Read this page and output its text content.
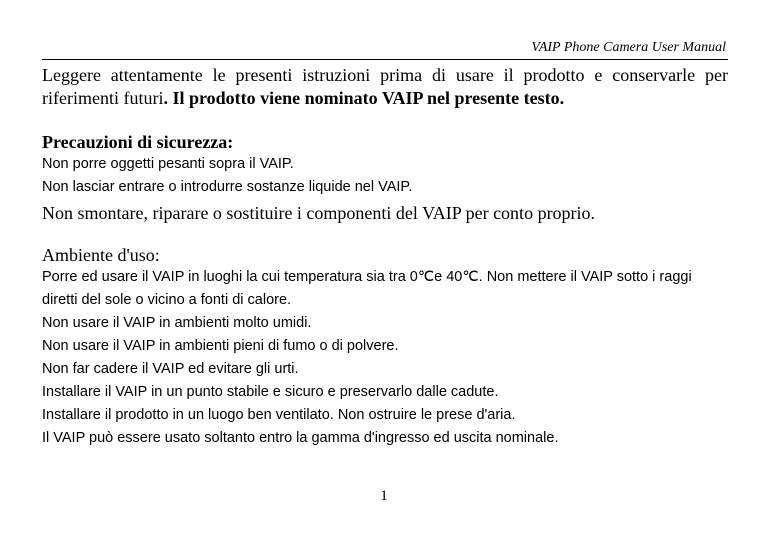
VAIP Phone Camera User Manual

Leggere attentamente le presenti istruzioni prima di usare il prodotto e conservarle per riferimenti futuri. Il prodotto viene nominato VAIP nel presente testo.

Precauzioni di sicurezza:
Non porre oggetti pesanti sopra il VAIP.
Non lasciar entrare o introdurre sostanze liquide nel VAIP.
Non smontare, riparare o sostituire i componenti del VAIP per conto proprio.
Ambiente d'uso:
Porre ed usare il VAIP in luoghi la cui temperatura sia tra 0℃e 40℃. Non mettere il VAIP sotto i raggi diretti del sole o vicino a fonti di calore.
Non usare il VAIP in ambienti molto umidi.
Non usare il VAIP in ambienti pieni di fumo o di polvere.
Non far cadere il VAIP ed evitare gli urti.
Installare il VAIP in un punto stabile e sicuro e preservarlo dalle cadute.
Installare il prodotto in un luogo ben ventilato. Non ostruire le prese d'aria.
Il VAIP può essere usato soltanto entro la gamma d'ingresso ed uscita nominale.
1
